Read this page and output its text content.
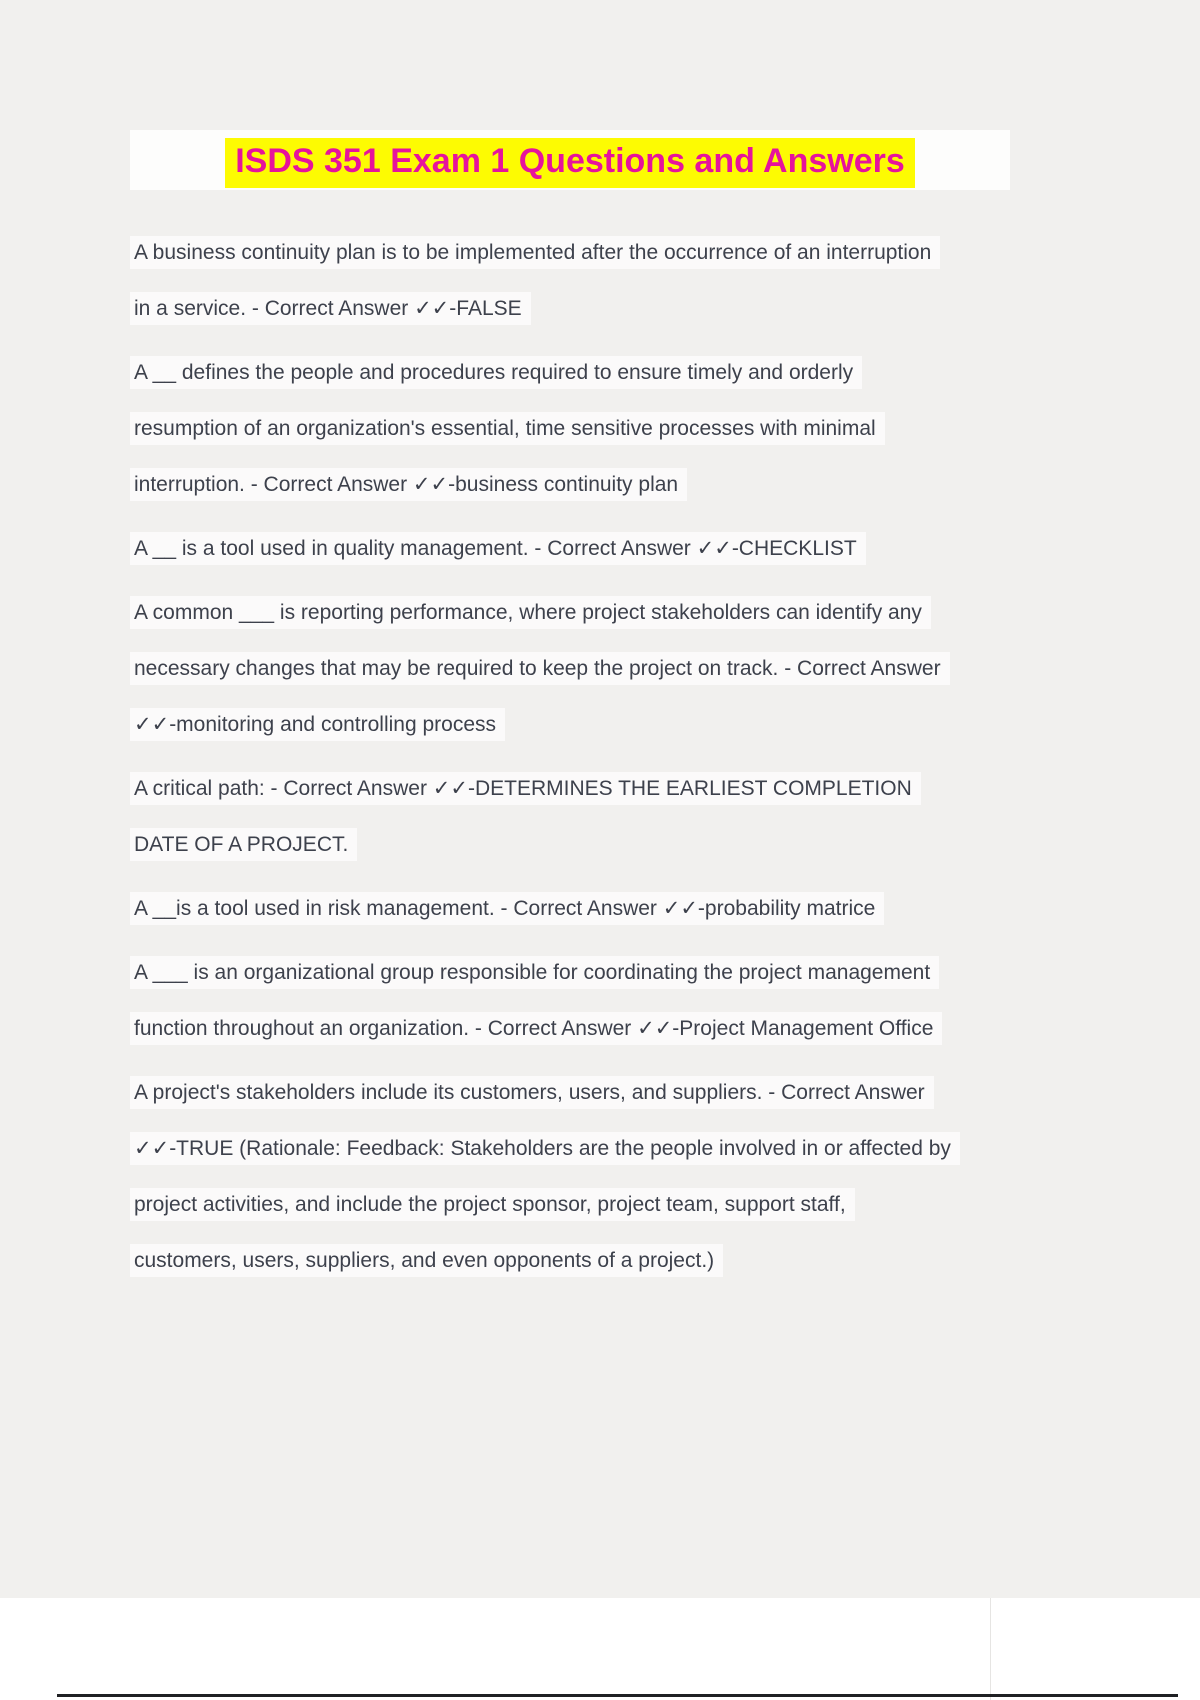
ISDS 351 Exam 1 Questions and Answers
A business continuity plan is to be implemented after the occurrence of an interruption
in a service. - Correct Answer ✓✓-FALSE
A __ defines the people and procedures required to ensure timely and orderly
resumption of an organization's essential, time sensitive processes with minimal
interruption. - Correct Answer ✓✓-business continuity plan
A __ is a tool used in quality management. - Correct Answer ✓✓-CHECKLIST
A common ___ is reporting performance, where project stakeholders can identify any
necessary changes that may be required to keep the project on track. - Correct Answer
✓✓-monitoring and controlling process
A critical path: - Correct Answer ✓✓-DETERMINES THE EARLIEST COMPLETION
DATE OF A PROJECT.
A __is a tool used in risk management. - Correct Answer ✓✓-probability matrice
A ___ is an organizational group responsible for coordinating the project management
function throughout an organization. - Correct Answer ✓✓-Project Management Office
A project's stakeholders include its customers, users, and suppliers. - Correct Answer
✓✓-TRUE (Rationale: Feedback: Stakeholders are the people involved in or affected by
project activities, and include the project sponsor, project team, support staff,
customers, users, suppliers, and even opponents of a project.)
